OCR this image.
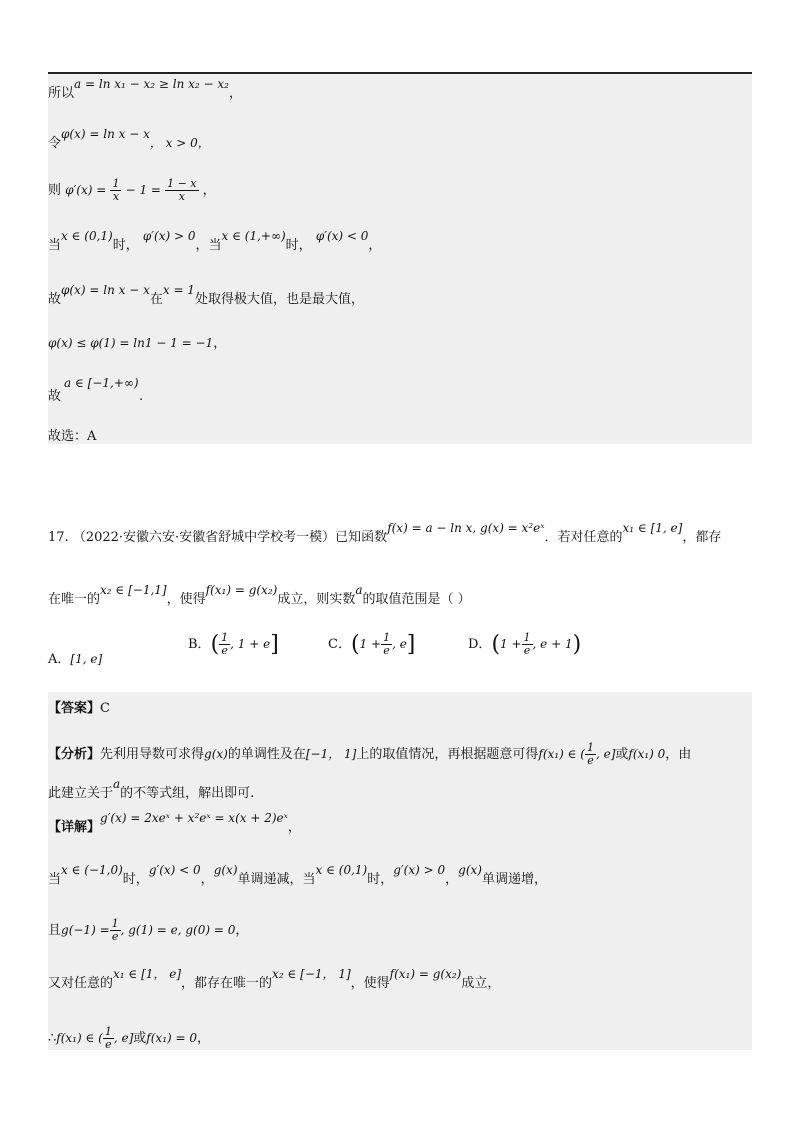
所以a = ln x₁ − x₂ ≥ ln x₂ − x₂，
令φ(x) = ln x − x， x > 0，
则 $\varphi'(x) = \frac{1}{x} - 1 = \frac{1 - x}{x}$ ，
当x ∈ (0,1)时， φ′(x) > 0，当x ∈ (1,+∞)时， φ′(x) < 0，
故φ(x) = ln x − x在x = 1处取得极大值，也是最大值，
φ(x) ≤ φ(1) = ln1 − 1 = −1，
a ∈ [−1,+∞)
故	.
故选：A
17. （2022·安徽六安·安徽省舒城中学校考一模）已知函数f(x) = a − ln x, g(x) = x²eˣ．若对任意的x₁ ∈ [1, e]，都存
在唯一的x₂ ∈ [−1,1]，使得f(x₁) = g(x₂)成立，则实数a的取值范围是（ ）
A．[1, e]
B．( $\frac{1}{e}$ , 1 + e]	C．($1 + \frac{1}{e}$ , e]	D．($1 + \frac{1}{e}$ , e + 1)
【答案】C
【分析】先利用导数可求得g(x)的单调性及在[−1， 1]上的取值情况，再根据题意可得f(x₁) ∈ ( $\frac{1}{e}$ , e]或f(x₁) 0，由
此建立关于a的不等式组，解出即可.
【详解】g′(x) = 2xeˣ + x²eˣ = x(x + 2)eˣ，
当x ∈ (−1,0)时，g′(x) < 0，g(x)单调递减，当x ∈ (0,1)时，g′(x) > 0，g(x)单调递增，
且$g(-1) = \frac{1}{e}$ , g(1) = e, g(0) = 0，
又对任意的x₁ ∈ [1， e]，都存在唯一的x₂ ∈ [−1， 1]，使得f(x₁) = g(x₂)成立，
∴f(x₁) ∈ ( $\frac{1}{e}$ , e]或f(x₁) = 0，
